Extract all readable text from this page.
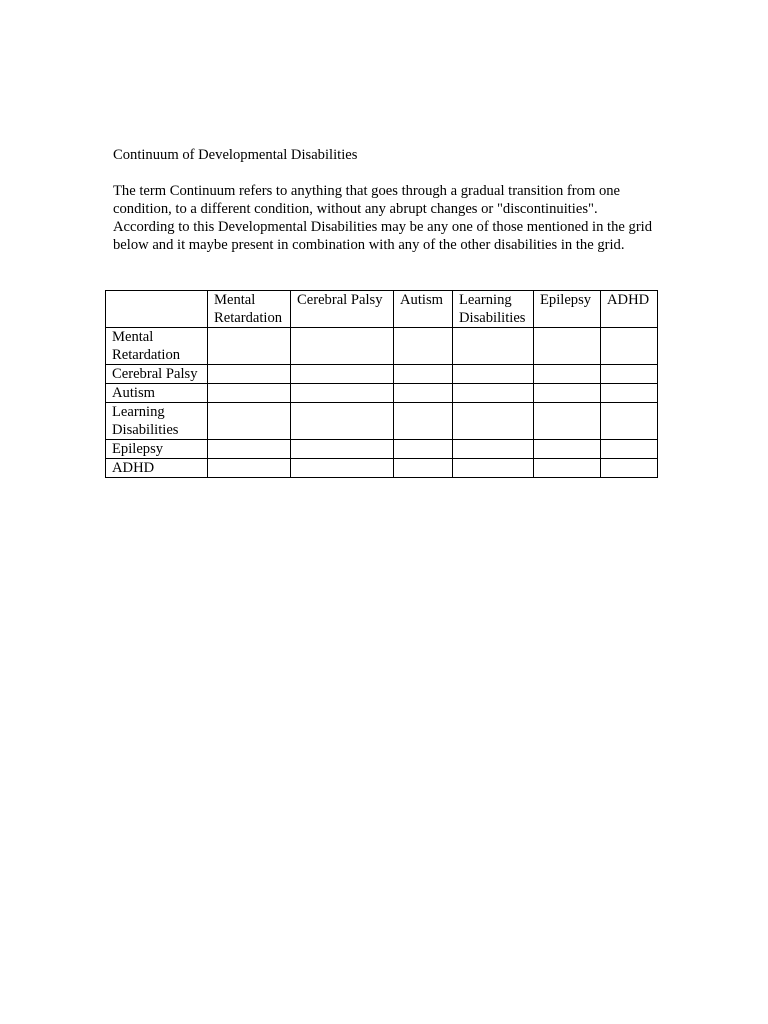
Continuum of Developmental Disabilities

The term Continuum refers to anything that goes through a gradual transition from one condition, to a different condition, without any abrupt changes or "discontinuities". According to this Developmental Disabilities may be any one of those mentioned in the grid below and it maybe present in combination with any of the other disabilities in the grid.

	Mental Retardation	Cerebral Palsy	Autism	Learning Disabilities	Epilepsy	ADHD
Mental Retardation						
Cerebral Palsy						
Autism						
Learning Disabilities						
Epilepsy						
ADHD						
